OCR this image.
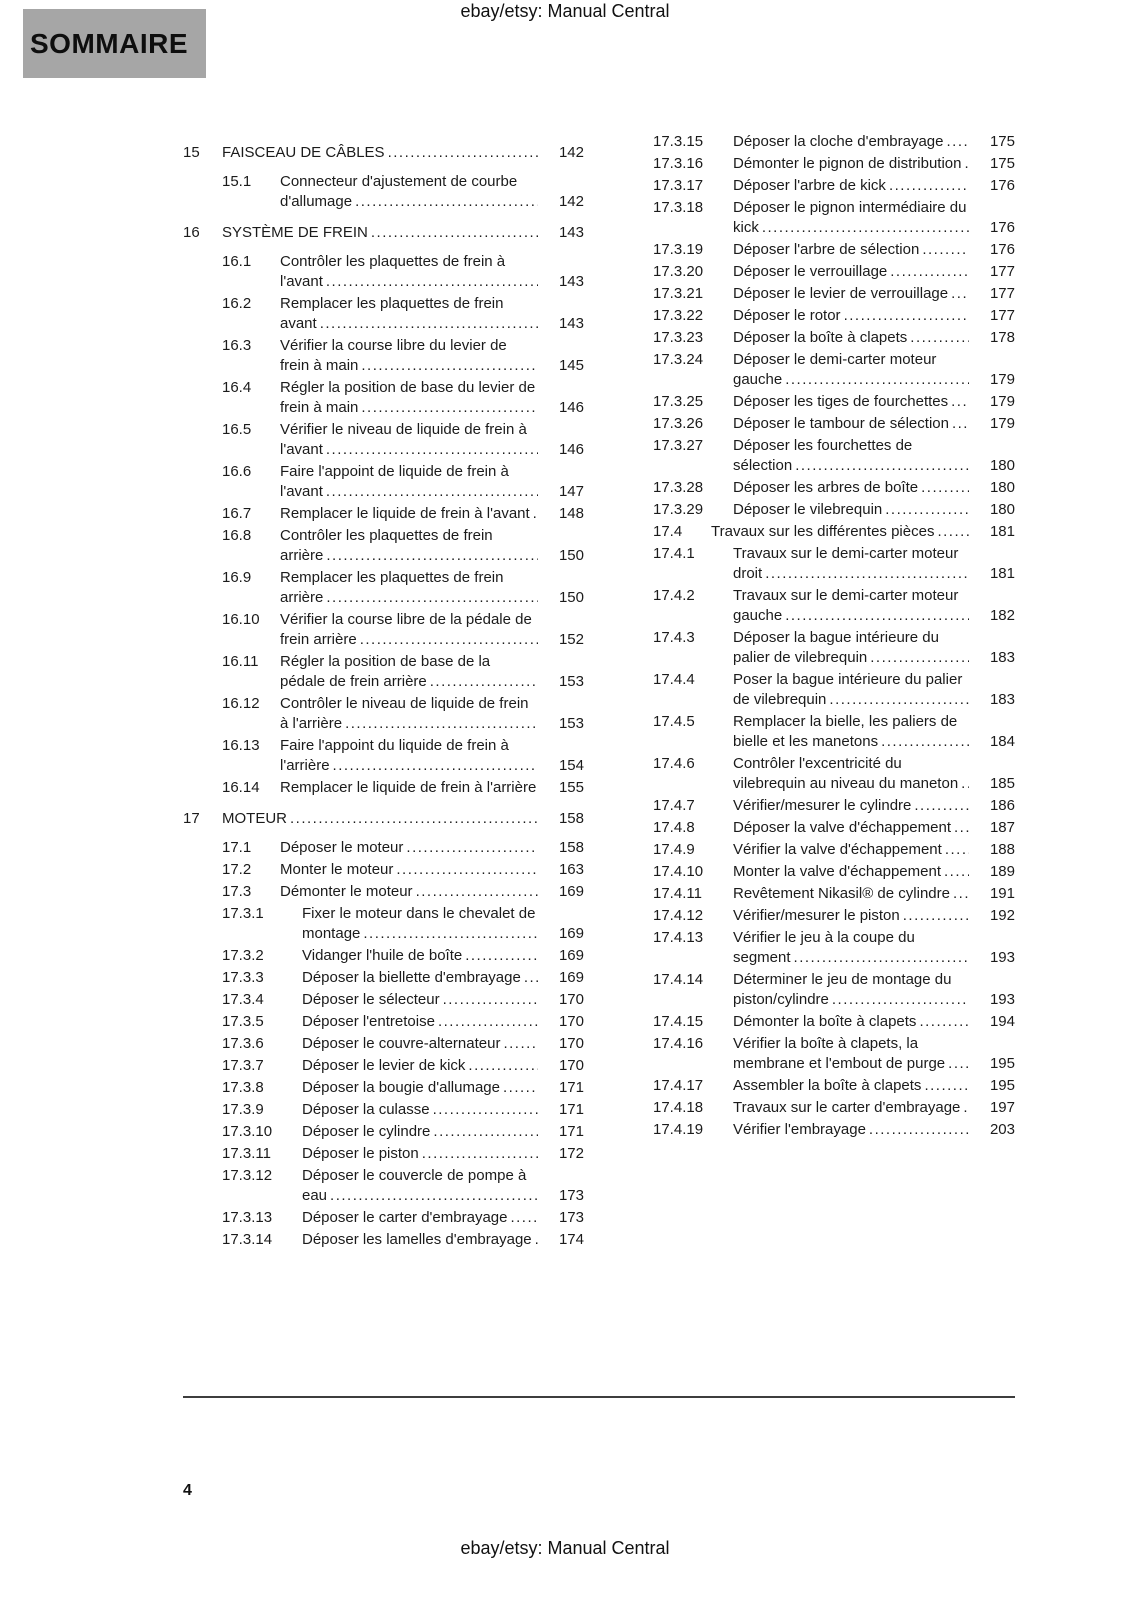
ebay/etsy: Manual Central
SOMMAIRE
15	FAISCEAU DE CÂBLES .....	142
15.1	Connecteur d'ajustement de courbe d'allumage .....	142
16	SYSTÈME DE FREIN .....	143
16.1	Contrôler les plaquettes de frein à l'avant .....	143
16.2	Remplacer les plaquettes de frein avant .....	143
16.3	Vérifier la course libre du levier de frein à main .....	145
16.4	Régler la position de base du levier de frein à main .....	146
16.5	Vérifier le niveau de liquide de frein à l'avant .....	146
16.6	Faire l'appoint de liquide de frein à l'avant .....	147
16.7	Remplacer le liquide de frein à l'avant .....	148
16.8	Contrôler les plaquettes de frein arrière .....	150
16.9	Remplacer les plaquettes de frein arrière .....	150
16.10	Vérifier la course libre de la pédale de frein arrière .....	152
16.11	Régler la position de base de la pédale de frein arrière .....	153
16.12	Contrôler le niveau de liquide de frein à l'arrière .....	153
16.13	Faire l'appoint du liquide de frein à l'arrière .....	154
16.14	Remplacer le liquide de frein à l'arrière .....	155
17	MOTEUR .....	158
17.1	Déposer le moteur .....	158
17.2	Monter le moteur .....	163
17.3	Démonter le moteur .....	169
17.3.1	Fixer le moteur dans le chevalet de montage .....	169
17.3.2	Vidanger l'huile de boîte .....	169
17.3.3	Déposer la biellette d'embrayage .....	169
17.3.4	Déposer le sélecteur .....	170
17.3.5	Déposer l'entretoise .....	170
17.3.6	Déposer le couvre-alternateur .....	170
17.3.7	Déposer le levier de kick .....	170
17.3.8	Déposer la bougie d'allumage .....	171
17.3.9	Déposer la culasse .....	171
17.3.10	Déposer le cylindre .....	171
17.3.11	Déposer le piston .....	172
17.3.12	Déposer le couvercle de pompe à eau .....	173
17.3.13	Déposer le carter d'embrayage .....	173
17.3.14	Déposer les lamelles d'embrayage .....	174
17.3.15	Déposer la cloche d'embrayage .....	175
17.3.16	Démonter le pignon de distribution .....	175
17.3.17	Déposer l'arbre de kick .....	176
17.3.18	Déposer le pignon intermédiaire du kick .....	176
17.3.19	Déposer l'arbre de sélection .....	176
17.3.20	Déposer le verrouillage .....	177
17.3.21	Déposer le levier de verrouillage .....	177
17.3.22	Déposer le rotor .....	177
17.3.23	Déposer la boîte à clapets .....	178
17.3.24	Déposer le demi-carter moteur gauche .....	179
17.3.25	Déposer les tiges de fourchettes .....	179
17.3.26	Déposer le tambour de sélection .....	179
17.3.27	Déposer les fourchettes de sélection .....	180
17.3.28	Déposer les arbres de boîte .....	180
17.3.29	Déposer le vilebrequin .....	180
17.4	Travaux sur les différentes pièces .....	181
17.4.1	Travaux sur le demi-carter moteur droit .....	181
17.4.2	Travaux sur le demi-carter moteur gauche .....	182
17.4.3	Déposer la bague intérieure du palier de vilebrequin .....	183
17.4.4	Poser la bague intérieure du palier de vilebrequin .....	183
17.4.5	Remplacer la bielle, les paliers de bielle et les manetons .....	184
17.4.6	Contrôler l'excentricité du vilebrequin au niveau du maneton .....	185
17.4.7	Vérifier/mesurer le cylindre .....	186
17.4.8	Déposer la valve d'échappement .....	187
17.4.9	Vérifier la valve d'échappement .....	188
17.4.10	Monter la valve d'échappement .....	189
17.4.11	Revêtement Nikasil® de cylindre .....	191
17.4.12	Vérifier/mesurer le piston .....	192
17.4.13	Vérifier le jeu à la coupe du segment .....	193
17.4.14	Déterminer le jeu de montage du piston/cylindre .....	193
17.4.15	Démonter la boîte à clapets .....	194
17.4.16	Vérifier la boîte à clapets, la membrane et l'embout de purge .....	195
17.4.17	Assembler la boîte à clapets .....	195
17.4.18	Travaux sur le carter d'embrayage .....	197
17.4.19	Vérifier l'embrayage .....	203
4
ebay/etsy: Manual Central
